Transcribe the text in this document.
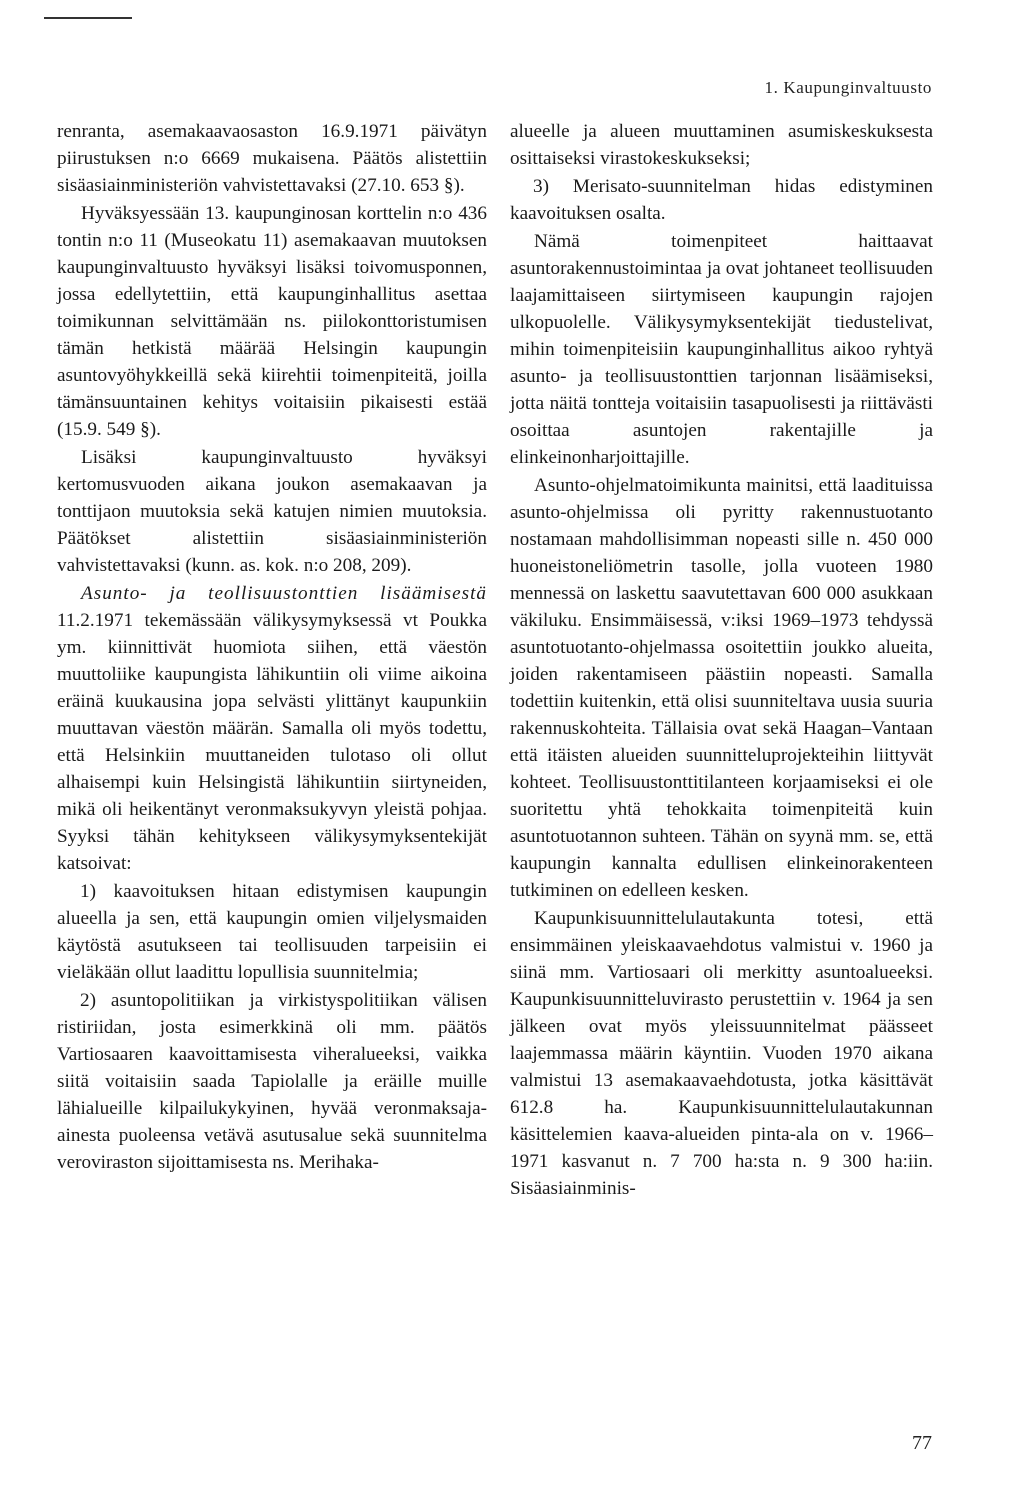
1. Kaupunginvaltuusto

renranta, asemakaavaosaston 16.9.1971 päivätyn piirustuksen n:o 6669 mukaisena. Päätös alistettiin sisäasiainministeriön vahvistettavaksi (27.10. 653 §).

Hyväksyessään 13. kaupunginosan korttelin n:o 436 tontin n:o 11 (Museokatu 11) asemakaavan muutoksen kaupunginvaltuusto hyväksyi lisäksi toivomusponnen, jossa edellytettiin, että kaupunginhallitus asettaa toimikunnan selvittämään ns. piilokonttoristumisen tämän hetkistä määrää Helsingin kaupungin asuntovyöhykkeillä sekä kiirehtii toimenpiteitä, joilla tämänsuuntainen kehitys voitaisiin pikaisesti estää (15.9. 549 §).

Lisäksi kaupunginvaltuusto hyväksyi kertomusvuoden aikana joukon asemakaavan ja tonttijaon muutoksia sekä katujen nimien muutoksia. Päätökset alistettiin sisäasiainministeriön vahvistettavaksi (kunn. as. kok. n:o 208, 209).

Asunto- ja teollisuustonttien lisäämisestä 11.2.1971 tekemässään välikysymyksessä vt Poukka ym. kiinnittivät huomiota siihen, että väestön muuttoliike kaupungista lähikuntiin oli viime aikoina eräinä kuukausina jopa selvästi ylittänyt kaupunkiin muuttavan väestön määrän. Samalla oli myös todettu, että Helsinkiin muuttaneiden tulotaso oli ollut alhaisempi kuin Helsingistä lähikuntiin siirtyneiden, mikä oli heikentänyt veronmaksukyvyn yleistä pohjaa. Syyksi tähän kehitykseen välikysymyksentekijät katsoivat:

1) kaavoituksen hitaan edistymisen kaupungin alueella ja sen, että kaupungin omien viljelysmaiden käytöstä asutukseen tai teollisuuden tarpeisiin ei vieläkään ollut laadittu lopullisia suunnitelmia;

2) asuntopolitiikan ja virkistyspolitiikan välisen ristiriidan, josta esimerkkinä oli mm. päätös Vartiosaaren kaavoittamisesta viheralueeksi, vaikka siitä voitaisiin saada Tapiolalle ja eräille muille lähialueille kilpailukykyinen, hyvää veronmaksaja-ainesta puoleensa vetävä asutusalue sekä suunnitelma veroviraston sijoittamisesta ns. Merihaka-

alueelle ja alueen muuttaminen asumiskeskuksesta osittaiseksi virastokeskukseksi;

3) Merisato-suunnitelman hidas edistyminen kaavoituksen osalta.

Nämä toimenpiteet haittaavat asuntorakennustoimintaa ja ovat johtaneet teollisuuden laajamittaiseen siirtymiseen kaupungin rajojen ulkopuolelle. Välikysymyksentekijät tiedustelivat, mihin toimenpiteisiin kaupunginhallitus aikoo ryhtyä asunto- ja teollisuustonttien tarjonnan lisäämiseksi, jotta näitä tontteja voitaisiin tasapuolisesti ja riittävästi osoittaa asuntojen rakentajille ja elinkeinonharjoittajille.

Asunto-ohjelmatoimikunta mainitsi, että laadituissa asunto-ohjelmissa oli pyritty rakennustuotanto nostamaan mahdollisimman nopeasti sille n. 450 000 huoneistoneliömetrin tasolle, jolla vuoteen 1980 mennessä on laskettu saavutettavan 600 000 asukkaan väkiluku. Ensimmäisessä, v:iksi 1969–1973 tehdyssä asuntotuotanto-ohjelmassa osoitettiin joukko alueita, joiden rakentamiseen päästiin nopeasti. Samalla todettiin kuitenkin, että olisi suunniteltava uusia suuria rakennuskohteita. Tällaisia ovat sekä Haagan–Vantaan että itäisten alueiden suunnitteluprojekteihin liittyvät kohteet. Teollisuustonttitilanteen korjaamiseksi ei ole suoritettu yhtä tehokkaita toimenpiteitä kuin asuntotuotannon suhteen. Tähän on syynä mm. se, että kaupungin kannalta edullisen elinkeinorakenteen tutkiminen on edelleen kesken.

Kaupunkisuunnittelulautakunta totesi, että ensimmäinen yleiskaavaehdotus valmistui v. 1960 ja siinä mm. Vartiosaari oli merkitty asuntoalueeksi. Kaupunkisuunnitteluvirasto perustettiin v. 1964 ja sen jälkeen ovat myös yleissuunnitelmat päässeet laajemmassa määrin käyntiin. Vuoden 1970 aikana valmistui 13 asemakaavaehdotusta, jotka käsittävät 612.8 ha. Kaupunkisuunnittelulautakunnan käsittelemien kaava-alueiden pinta-ala on v. 1966–1971 kasvanut n. 7 700 ha:sta n. 9 300 ha:iin. Sisäasiainminis-

77
